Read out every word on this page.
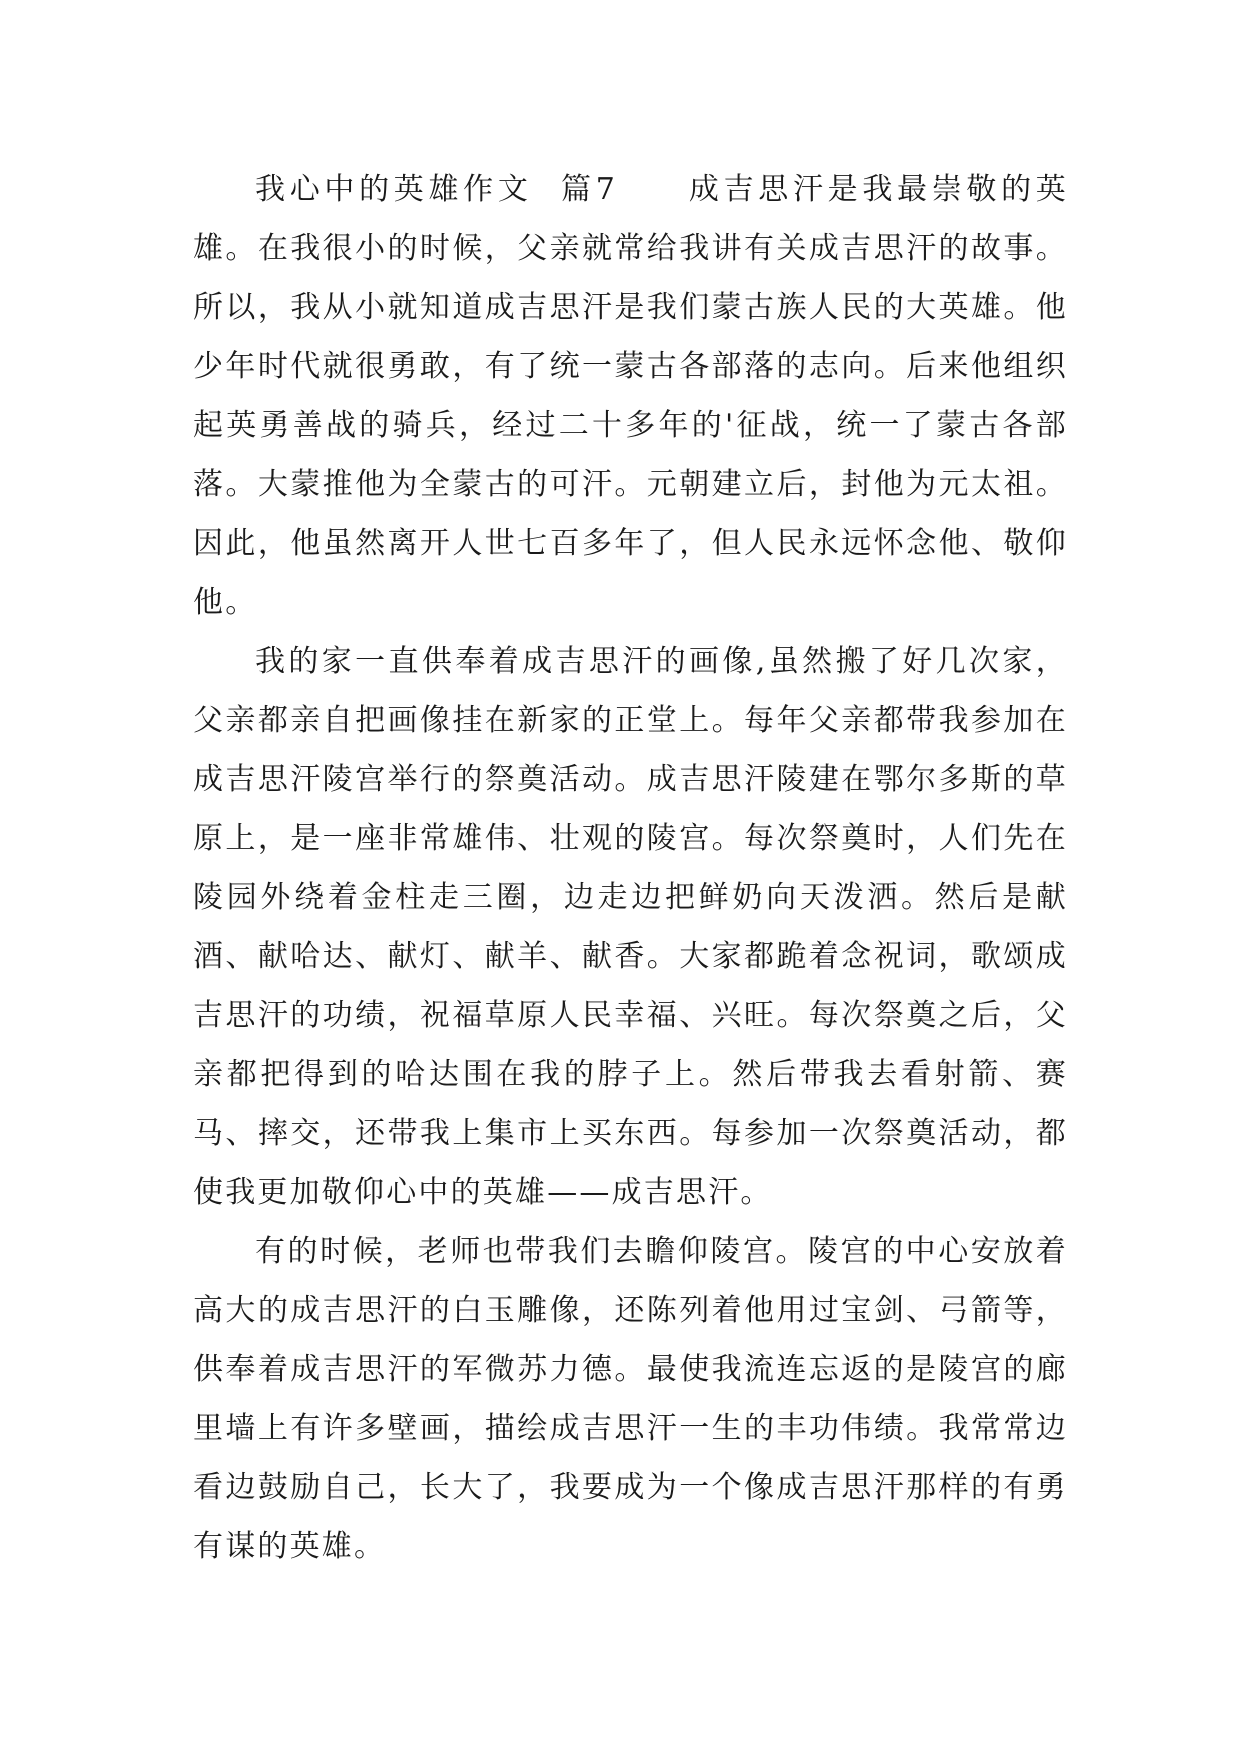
我心中的英雄作文  篇7　　 成吉思汗是我最崇敬的英雄。在我很小的时候，父亲就常给我讲有关成吉思汗的故事。所以，我从小就知道成吉思汗是我们蒙古族人民的大英雄。他少年时代就很勇敢，有了统一蒙古各部落的志向。后来他组织起英勇善战的骑兵，经过二十多年的'征战，统一了蒙古各部落。大蒙推他为全蒙古的可汗。元朝建立后，封他为元太祖。因此，他虽然离开人世七百多年了，但人民永远怀念他、敬仰他。

我的家一直供奉着成吉思汗的画像,虽然搬了好几次家，父亲都亲自把画像挂在新家的正堂上。每年父亲都带我参加在成吉思汗陵宫举行的祭奠活动。成吉思汗陵建在鄂尔多斯的草原上，是一座非常雄伟、壮观的陵宫。每次祭奠时，人们先在陵园外绕着金柱走三圈，边走边把鲜奶向天泼洒。然后是献酒、献哈达、献灯、献羊、献香。大家都跪着念祝词，歌颂成吉思汗的功绩，祝福草原人民幸福、兴旺。每次祭奠之后，父亲都把得到的哈达围在我的脖子上。然后带我去看射箭、赛马、摔交，还带我上集市上买东西。每参加一次祭奠活动，都使我更加敬仰心中的英雄——成吉思汗。

有的时候，老师也带我们去瞻仰陵宫。陵宫的中心安放着高大的成吉思汗的白玉雕像，还陈列着他用过宝剑、弓箭等，供奉着成吉思汗的军微苏力德。最使我流连忘返的是陵宫的廊里墙上有许多壁画，描绘成吉思汗一生的丰功伟绩。我常常边看边鼓励自己，长大了，我要成为一个像成吉思汗那样的有勇有谋的英雄。
